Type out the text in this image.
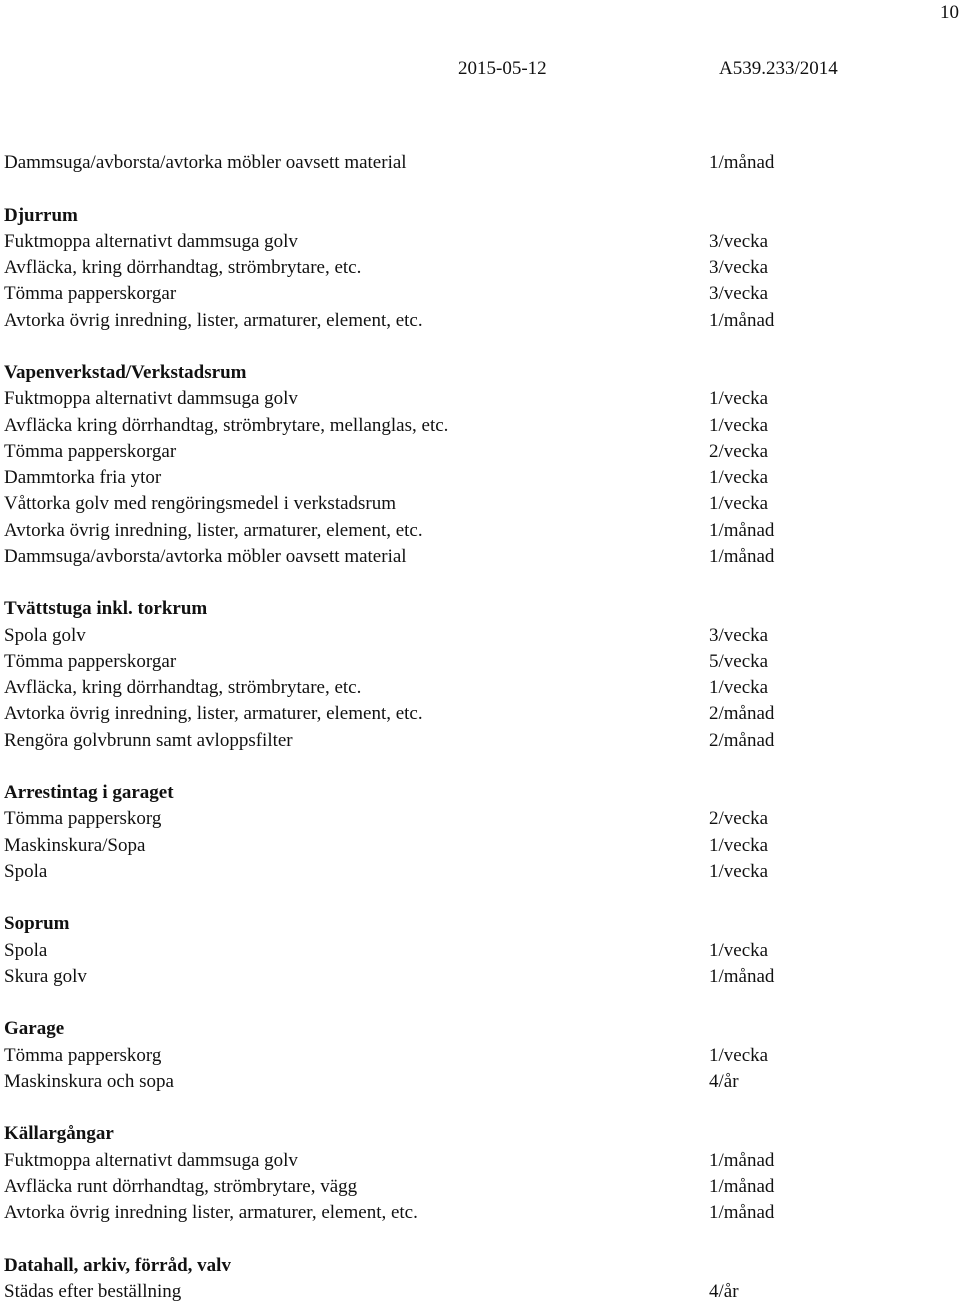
10
2015-05-12	A539.233/2014
Dammsuga/avborsta/avtorka möbler oavsett material	1/månad
Djurrum
Fuktmoppa alternativt dammsuga golv	3/vecka
Avfläcka, kring dörrhandtag, strömbrytare, etc.	3/vecka
Tömma papperskorgar	3/vecka
Avtorka övrig inredning, lister, armaturer, element, etc.	1/månad
Vapenverkstad/Verkstadsrum
Fuktmoppa alternativt dammsuga golv	1/vecka
Avfläcka kring dörrhandtag, strömbrytare, mellanglas, etc.	1/vecka
Tömma papperskorgar	2/vecka
Dammtorka fria ytor	1/vecka
Våttorka golv med rengöringsmedel i verkstadsrum	1/vecka
Avtorka övrig inredning, lister, armaturer, element, etc.	1/månad
Dammsuga/avborsta/avtorka möbler oavsett material	1/månad
Tvättstuga inkl. torkrum
Spola golv	3/vecka
Tömma papperskorgar	5/vecka
Avfläcka, kring dörrhandtag, strömbrytare, etc.	1/vecka
Avtorka övrig inredning, lister, armaturer, element, etc.	2/månad
Rengöra golvbrunn samt avloppsfilter	2/månad
Arrestintag i garaget
Tömma papperskorg	2/vecka
Maskinskura/Sopa	1/vecka
Spola	1/vecka
Soprum
Spola	1/vecka
Skura golv	1/månad
Garage
Tömma papperskorg	1/vecka
Maskinskura och sopa	4/år
Källargångar
Fuktmoppa alternativt dammsuga golv	1/månad
Avfläcka runt dörrhandtag, strömbrytare, vägg	1/månad
Avtorka övrig inredning lister, armaturer, element, etc.	1/månad
Datahall, arkiv, förråd, valv
Städas efter beställning	4/år
